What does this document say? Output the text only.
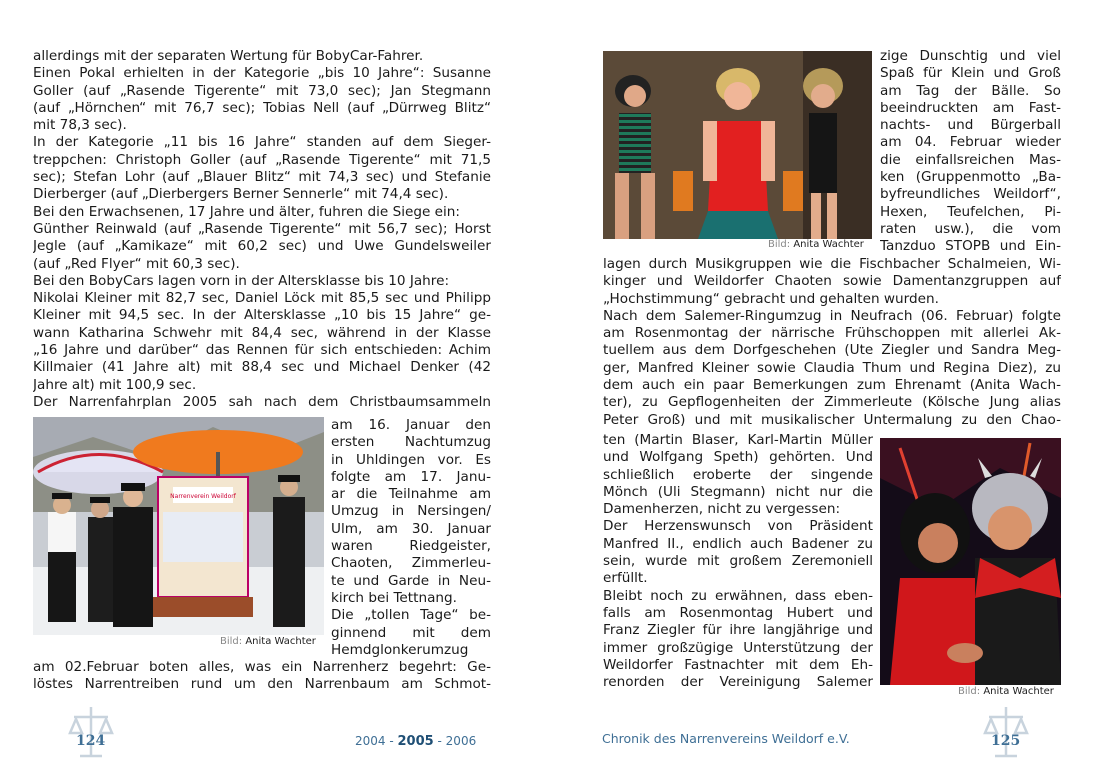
allerdings mit der separaten Wertung für BobyCar-Fahrer.
Einen Pokal erhielten in der Kategorie „bis 10 Jahre“: Susanne
Goller (auf „Rasende Tigerente“ mit 73,0 sec); Jan Stegmann
(auf „Hörnchen“ mit 76,7 sec); Tobias Nell (auf „Dürrweg Blitz“
mit 78,3 sec).
In der Kategorie „11 bis 16 Jahre“ standen auf dem Sieger-
treppchen: Christoph Goller (auf „Rasende Tigerente“ mit 71,5
sec); Stefan Lohr (auf „Blauer Blitz“ mit 74,3 sec) und Stefanie
Dierberger (auf „Dierbergers Berner Sennerle“ mit 74,4 sec).
Bei den Erwachsenen, 17 Jahre und älter, fuhren die Siege ein:
Günther Reinwald (auf „Rasende Tigerente“ mit 56,7 sec); Horst
Jegle (auf „Kamikaze“ mit 60,2 sec) und Uwe Gundelsweiler
(auf „Red Flyer“ mit 60,3 sec).
Bei den BobyCars lagen vorn in der Altersklasse bis 10 Jahre:
Nikolai Kleiner mit 82,7 sec, Daniel Löck mit 85,5 sec und Philipp
Kleiner mit 94,5 sec. In der Altersklasse „10 bis 15 Jahre“ ge-
wann Katharina Schwehr mit 84,4 sec, während in der Klasse
„16 Jahre und darüber“ das Rennen für sich entschieden: Achim
Killmaier (41 Jahre alt) mit 88,4 sec und Michael Denker (42
Jahre alt) mit 100,9 sec.
Der Narrenfahrplan 2005 sah nach dem Christbaumsammeln
Narrenverein Weildorf
am 16. Januar den
ersten Nachtumzug
in Uhldingen vor. Es
folgte am 17. Janu-
ar die Teilnahme am
Umzug in Nersingen/
Ulm, am 30. Januar
waren Riedgeister,
Chaoten, Zimmerleu-
te und Garde in Neu-
kirch bei Tettnang.
Die „tollen Tage“ be-
ginnend mit dem
Hemdglonkerumzug
Bild: Anita Wachter
am 02.Februar boten alles, was ein Narrenherz begehrt: Ge-
löstes Narrentreiben rund um den Narrenbaum am Schmot-
Bild: Anita Wachter
zige Dunschtig und viel
Spaß für Klein und Groß
am Tag der Bälle. So
beeindruckten am Fast-
nachts- und Bürgerball
am 04. Februar wieder
die einfallsreichen Mas-
ken (Gruppenmotto „Ba-
byfreundliches Weildorf“,
Hexen, Teufelchen, Pi-
raten usw.), die vom
Tanzduo STOPB und Ein-
lagen durch Musikgruppen wie die Fischbacher Schalmeien, Wi-
kinger und Weildorfer Chaoten sowie Damentanzgruppen auf
„Hochstimmung“ gebracht und gehalten wurden.
Nach dem Salemer-Ringumzug in Neufrach (06. Februar) folgte
am Rosenmontag der närrische Frühschoppen mit allerlei Ak-
tuellem aus dem Dorfgeschehen (Ute Ziegler und Sandra Meg-
ger, Manfred Kleiner sowie Claudia Thum und Regina Diez), zu
dem auch ein paar Bemerkungen zum Ehrenamt (Anita Wach-
ter), zu Gepflogenheiten der Zimmerleute (Kölsche Jung alias
Peter Groß) und mit musikalischer Untermalung zu den Chao-
ten (Martin Blaser, Karl-Martin Müller
und Wolfgang Speth) gehörten. Und
schließlich eroberte der singende
Mönch (Uli Stegmann) nicht nur die
Damenherzen, nicht zu vergessen:
Der Herzenswunsch von Präsident
Manfred II., endlich auch Badener zu
sein, wurde mit großem Zeremoniell
erfüllt.
Bleibt noch zu erwähnen, dass eben-
falls am Rosenmontag Hubert und
Franz Ziegler für ihre langjährige und
immer großzügige Unterstützung der
Weildorfer Fastnachter mit dem Eh-
renorden der Vereinigung Salemer
Bild: Anita Wachter
124	2004 - 2005 - 2006	Chronik des Narrenvereins Weildorf e.V.	125
